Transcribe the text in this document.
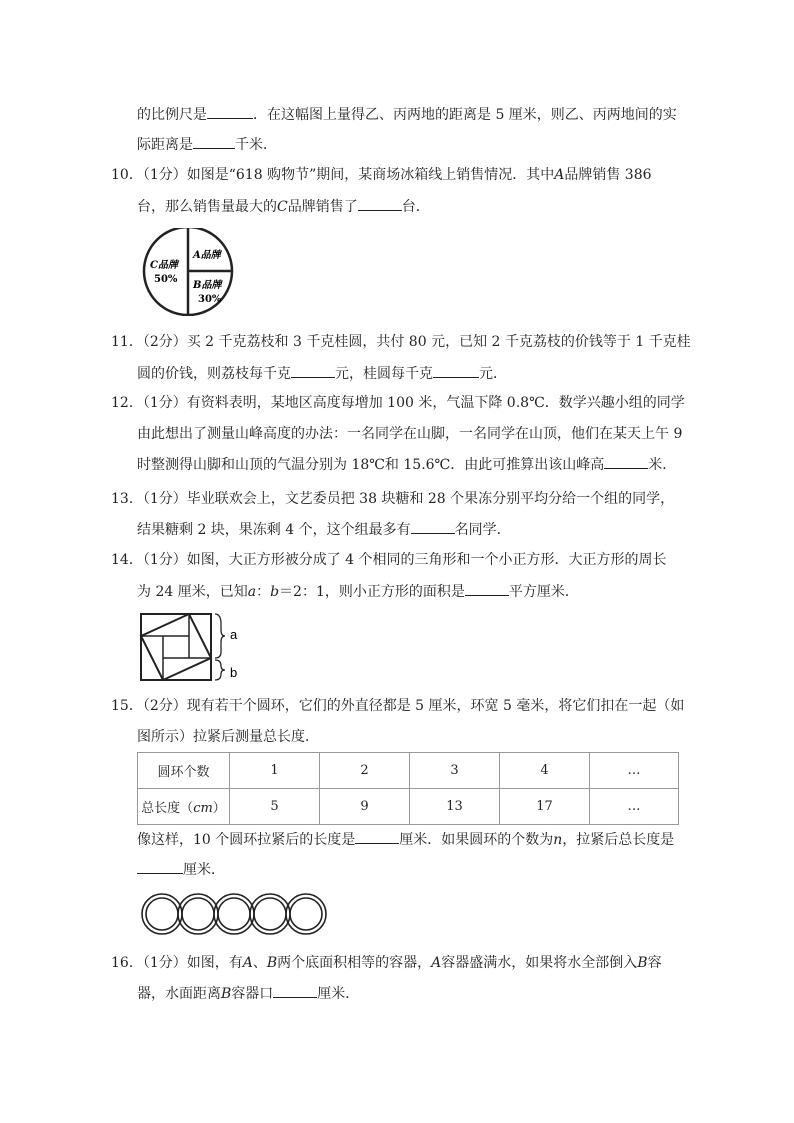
的比例尺是	．在这幅图上量得乙、丙两地的距离是 5 厘米，则乙、丙两地间的实
际距离是	千米．
10．（1分）如图是“618 购物节”期间，某商场冰箱线上销售情况．其中A品牌销售 386
台，那么销售量最大的C品牌销售了	台．
C品牌
50%
A品牌
B品牌
30%
11．（2分）买 2 千克荔枝和 3 千克桂圆，共付 80 元，已知 2 千克荔枝的价钱等于 1 千克桂
圆的价钱，则荔枝每千克	元，桂圆每千克	元．
12．（1分）有资料表明，某地区高度每增加 100 米，气温下降 0.8℃．数学兴趣小组的同学
由此想出了测量山峰高度的办法：一名同学在山脚，一名同学在山顶，他们在某天上午 9
时整测得山脚和山顶的气温分别为 18℃和 15.6℃．由此可推算出该山峰高	米．
13．（1分）毕业联欢会上，文艺委员把 38 块糖和 28 个果冻分别平均分给一个组的同学，
结果糖剩 2 块，果冻剩 4 个，这个组最多有	名同学．
14．（1分）如图，大正方形被分成了 4 个相同的三角形和一个小正方形．大正方形的周长
为 24 厘米，已知a：b＝2：1，则小正方形的面积是	平方厘米．
a
b
15．（2分）现有若干个圆环，它们的外直径都是 5 厘米，环宽 5 毫米，将它们扣在一起（如
图所示）拉紧后测量总长度．
圆环个数	1	2	3	4	…
总长度（cm）	5	9	13	17	…
像这样，10 个圆环拉紧后的长度是	厘米．如果圆环的个数为n，拉紧后总长度是
厘米．
16．（1分）如图，有A、B两个底面积相等的容器，A容器盛满水，如果将水全部倒入B容
器，水面距离B容器口	厘米．
